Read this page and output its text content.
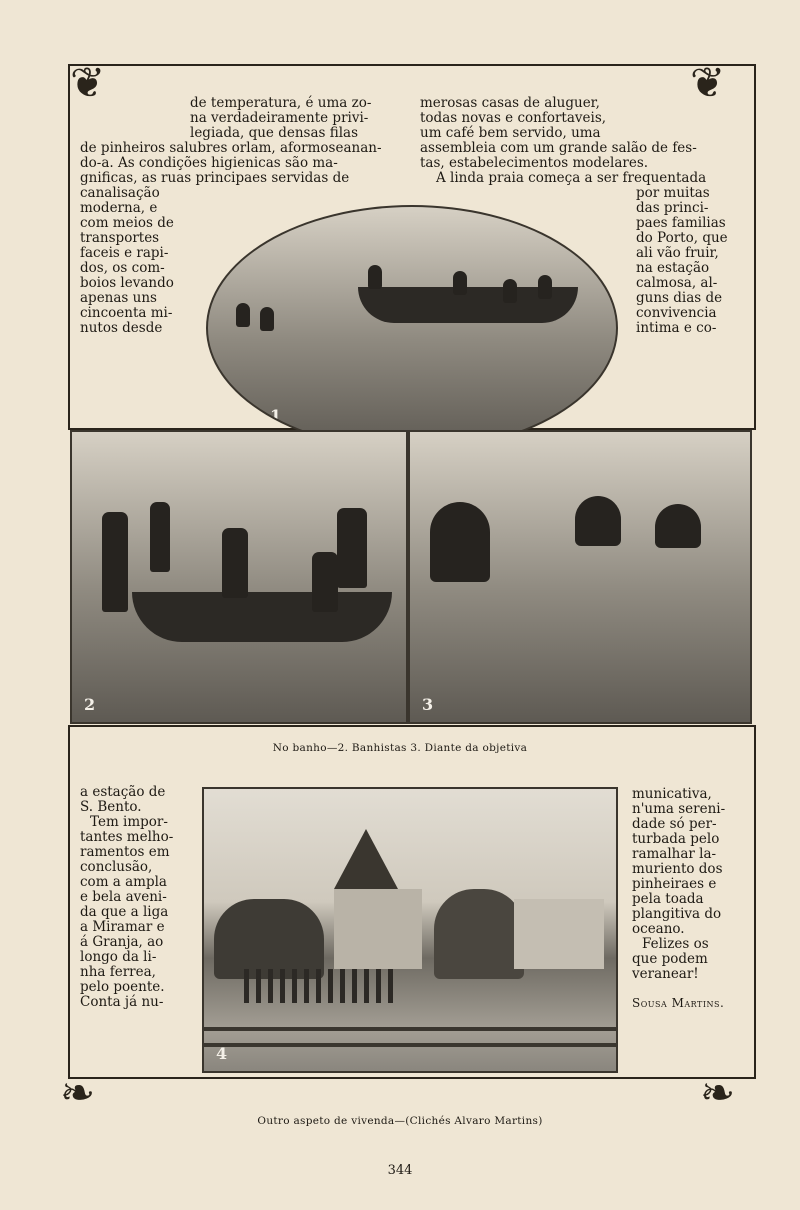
❦	❦
❧	❧

de temperatura, é uma zo-

na verdadeiramente privi-

legiada, que densas filas

de pinheiros salubres orlam, aformoseanan-

do-a. As condições higienicas são ma-

gnificas, as ruas principaes servidas de

canalisação

moderna, e

com meios de

transportes

faceis e rapi-

dos, os com-

boios levando

apenas uns

cincoenta mi-

nutos desde

merosas casas de aluguer,

todas novas e confortaveis,

um café bem servido, uma

assembleia com um grande salão de fes-

tas, estabelecimentos modelares.

A linda praia começa a ser frequentada

por muitas

das princi-

paes familias

do Porto, que

ali vão fruir,

na estação

calmosa, al-

guns dias de

convivencia

intima e co-

1
2	3
No banho—2. Banhistas 3. Diante da objetiva

a estação de

S. Bento.

Tem impor-

tantes melho-

ramentos em

conclusão,

com a ampla

e bela aveni-

da que a liga

a Miramar e

á Granja, ao

longo da li-

nha ferrea,

pelo poente.

Conta já nu-

4

municativa,

n'uma sereni-

dade só per-

turbada pelo

ramalhar la-

muriento dos

pinheiraes e

pela toada

plangitiva do

oceano.

Felizes os

que podem

veranear!

Sousa Martins.

Outro aspeto de vivenda—(Clichés Alvaro Martins)
344
